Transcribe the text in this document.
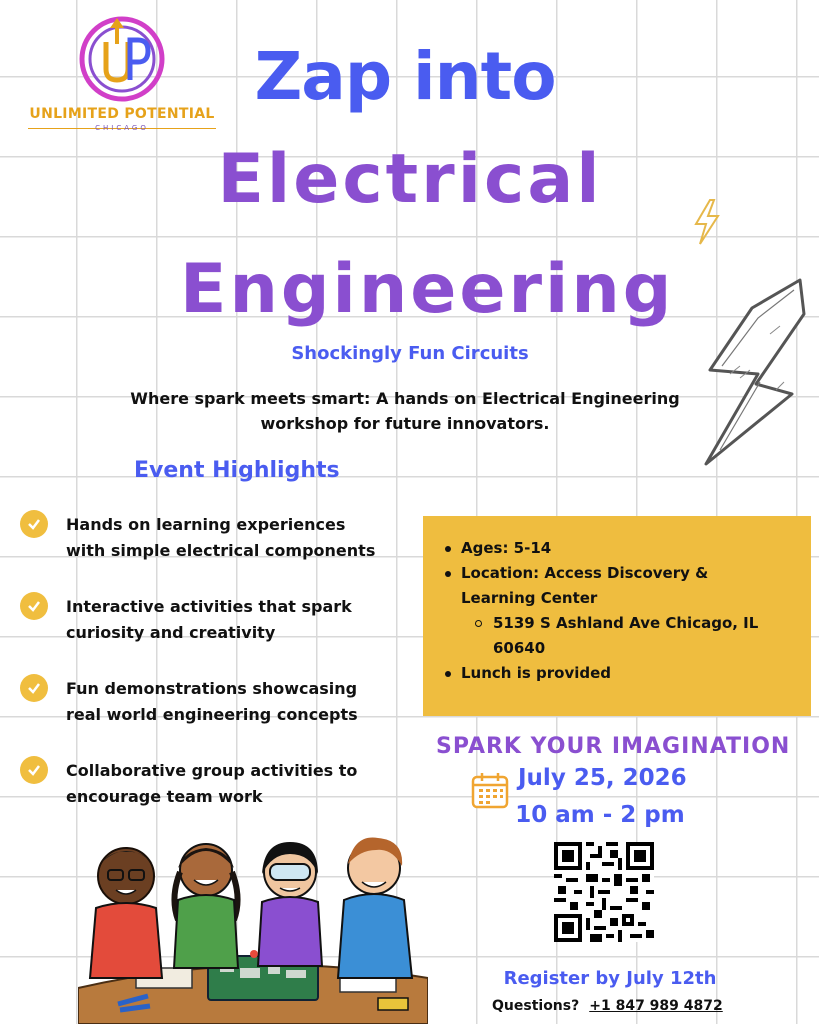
UNLIMITED POTENTIAL
CHICAGO
Zap into
Electrical
Engineering
Shockingly Fun Circuits
Where spark meets smart: A hands on Electrical Engineering
workshop for future innovators.
Event Highlights
Hands on learning experiences
with simple electrical components
Interactive activities that spark
curiosity and creativity
Fun demonstrations showcasing
real world engineering concepts
Collaborative group activities to
encourage team work
Ages: 5-14
Location: Access Discovery &
Learning Center
5139 S Ashland Ave Chicago, IL
60640
Lunch is provided
SPARK YOUR IMAGINATION
July 25, 2026
10 am - 2 pm
Register by July 12th
Questions? +1 847 989 4872
